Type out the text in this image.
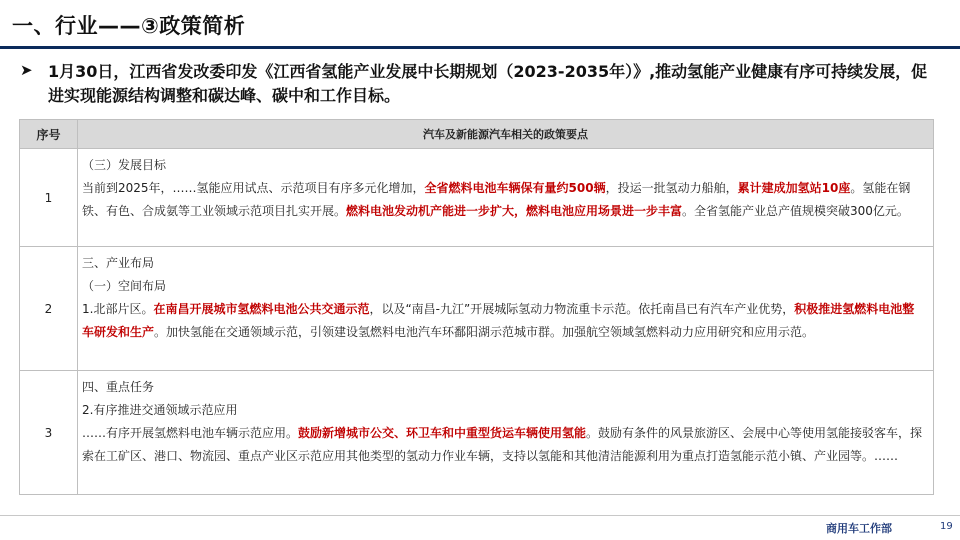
一、行业——③政策简析
➤ 1月30日，江西省发改委印发《江西省氢能产业发展中长期规划（2023-2035年）》,推动氢能产业健康有序可持续发展，促进实现能源结构调整和碳达峰、碳中和工作目标。
序号	汽车及新能源汽车相关的政策要点
1	（三）发展目标
当前到2025年，……氢能应用试点、示范项目有序多元化增加，全省燃料电池车辆保有量约500辆，投运一批氢动力船舶，累计建成加氢站10座。氢能在钢铁、有色、合成氨等工业领域示范项目扎实开展。燃料电池发动机产能进一步扩大，燃料电池应用场景进一步丰富。全省氢能产业总产值规模突破300亿元。
2	三、产业布局
（一）空间布局
1.北部片区。在南昌开展城市氢燃料电池公共交通示范，以及“南昌-九江”开展城际氢动力物流重卡示范。依托南昌已有汽车产业优势，积极推进氢燃料电池整车研发和生产。加快氢能在交通领域示范，引领建设氢燃料电池汽车环鄱阳湖示范城市群。加强航空领域氢燃料动力应用研究和应用示范。
3	四、重点任务
2.有序推进交通领域示范应用
……有序开展氢燃料电池车辆示范应用。鼓励新增城市公交、环卫车和中重型货运车辆使用氢能。鼓励有条件的风景旅游区、会展中心等使用氢能接驳客车，探索在工矿区、港口、物流园、重点产业区示范应用其他类型的氢动力作业车辆，支持以氢能和其他清洁能源利用为重点打造氢能示范小镇、产业园等。……
商用车工作部	19
